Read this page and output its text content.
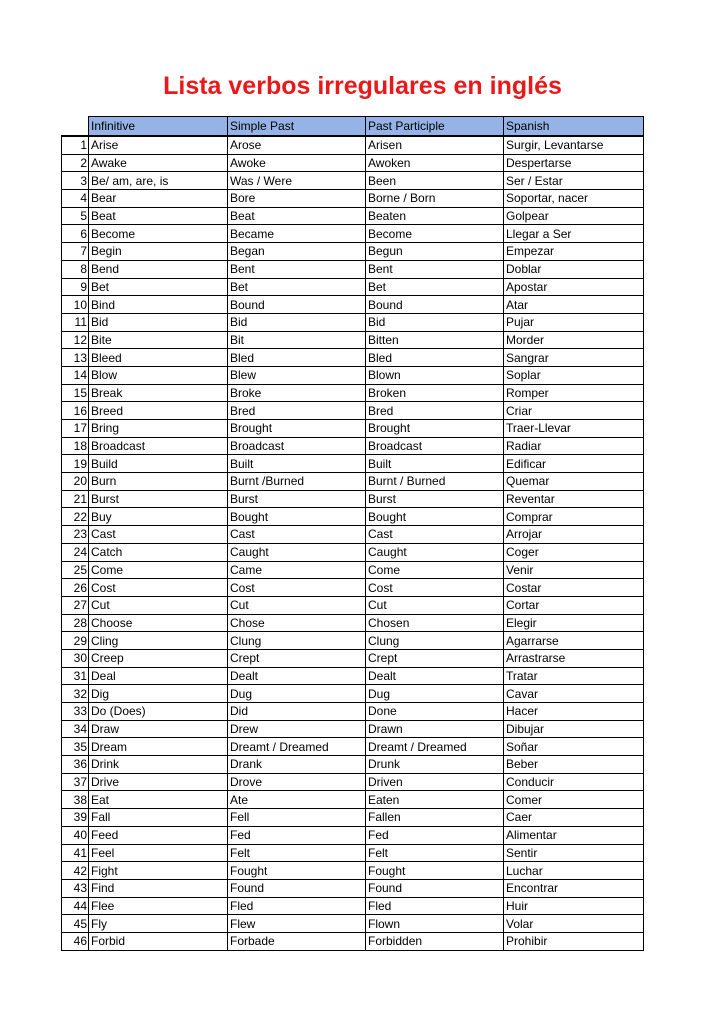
Lista verbos irregulares en inglés
	Infinitive	Simple Past	Past Participle	Spanish
1	Arise	Arose	Arisen	Surgir, Levantarse
2	Awake	Awoke	Awoken	Despertarse
3	Be/ am, are, is	Was / Were	Been	Ser / Estar
4	Bear	Bore	Borne / Born	Soportar, nacer
5	Beat	Beat	Beaten	Golpear
6	Become	Became	Become	Llegar a Ser
7	Begin	Began	Begun	Empezar
8	Bend	Bent	Bent	Doblar
9	Bet	Bet	Bet	Apostar
10	Bind	Bound	Bound	Atar
11	Bid	Bid	Bid	Pujar
12	Bite	Bit	Bitten	Morder
13	Bleed	Bled	Bled	Sangrar
14	Blow	Blew	Blown	Soplar
15	Break	Broke	Broken	Romper
16	Breed	Bred	Bred	Criar
17	Bring	Brought	Brought	Traer-Llevar
18	Broadcast	Broadcast	Broadcast	Radiar
19	Build	Built	Built	Edificar
20	Burn	Burnt /Burned	Burnt / Burned	Quemar
21	Burst	Burst	Burst	Reventar
22	Buy	Bought	Bought	Comprar
23	Cast	Cast	Cast	Arrojar
24	Catch	Caught	Caught	Coger
25	Come	Came	Come	Venir
26	Cost	Cost	Cost	Costar
27	Cut	Cut	Cut	Cortar
28	Choose	Chose	Chosen	Elegir
29	Cling	Clung	Clung	Agarrarse
30	Creep	Crept	Crept	Arrastrarse
31	Deal	Dealt	Dealt	Tratar
32	Dig	Dug	Dug	Cavar
33	Do (Does)	Did	Done	Hacer
34	Draw	Drew	Drawn	Dibujar
35	Dream	Dreamt / Dreamed	Dreamt / Dreamed	Soñar
36	Drink	Drank	Drunk	Beber
37	Drive	Drove	Driven	Conducir
38	Eat	Ate	Eaten	Comer
39	Fall	Fell	Fallen	Caer
40	Feed	Fed	Fed	Alimentar
41	Feel	Felt	Felt	Sentir
42	Fight	Fought	Fought	Luchar
43	Find	Found	Found	Encontrar
44	Flee	Fled	Fled	Huir
45	Fly	Flew	Flown	Volar
46	Forbid	Forbade	Forbidden	Prohibir
